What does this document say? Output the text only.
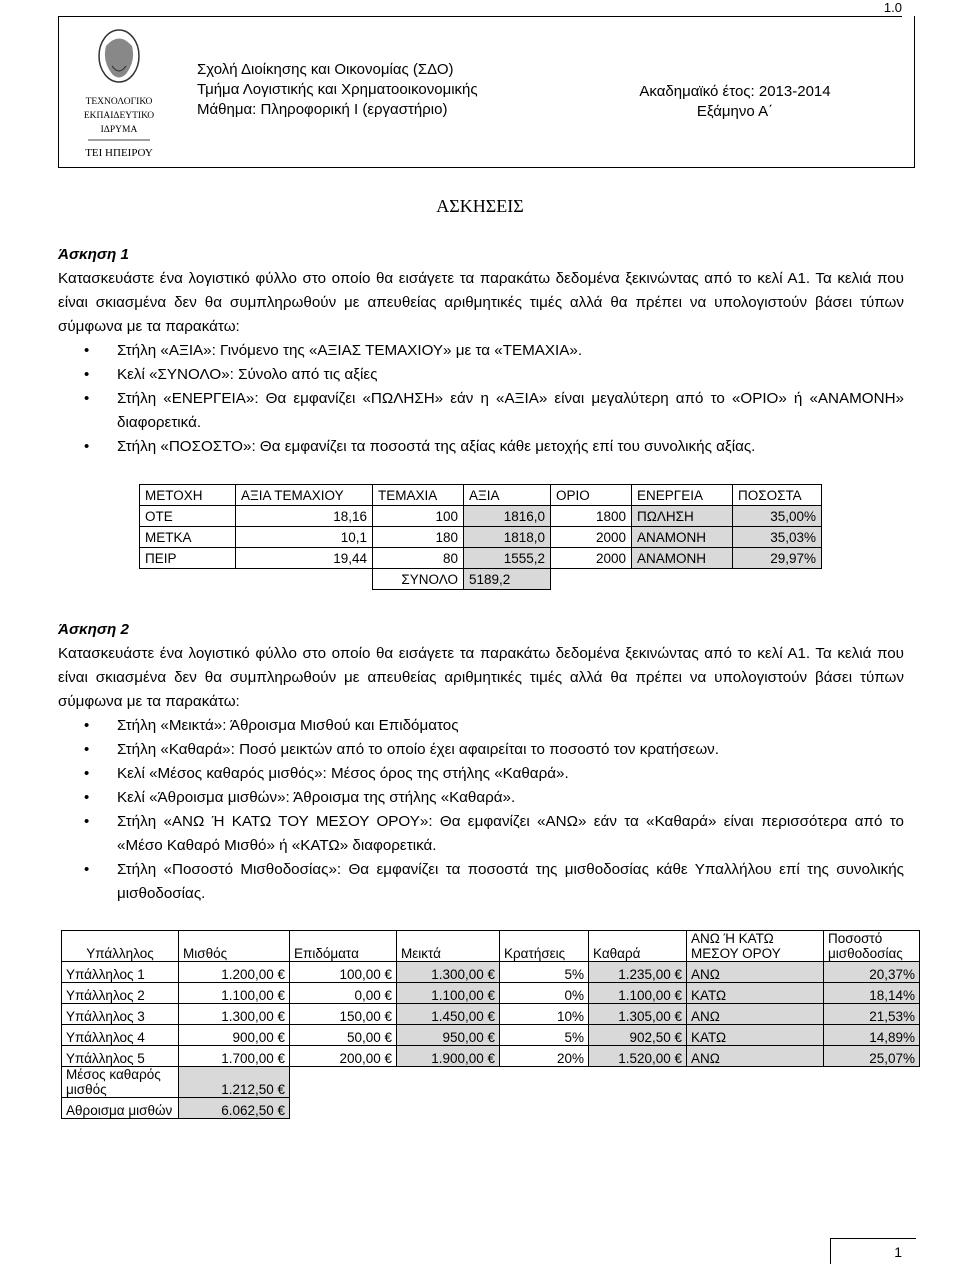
1.0
ΤΕΧΝΟΛΟΓΙΚΟ
ΕΚΠΑΙΔΕΥΤΙΚΟ
ΙΔΡΥΜΑ
ΤΕΙ ΗΠΕΙΡΟΥ
Σχολή Διοίκησης και Οικονομίας (ΣΔΟ)
Τμήμα Λογιστικής και Χρηματοοικονομικής
Μάθημα: Πληροφορική Ι (εργαστήριο)
Ακαδημαϊκό έτος: 2013-2014
Εξάμηνο Α΄
ΑΣΚΗΣΕΙΣ
Άσκηση 1
Κατασκευάστε ένα λογιστικό φύλλο στο οποίο θα εισάγετε τα παρακάτω δεδομένα ξεκινώντας από το κελί Α1. Τα κελιά που είναι σκιασμένα δεν θα συμπληρωθούν με απευθείας αριθμητικές τιμές αλλά θα πρέπει να υπολογιστούν βάσει τύπων σύμφωνα με τα παρακάτω:
• Στήλη «ΑΞΙΑ»: Γινόμενο της «ΑΞΙΑΣ ΤΕΜΑΧΙΟΥ» με τα «ΤΕΜΑΧΙΑ».
• Κελί «ΣΥΝΟΛΟ»: Σύνολο από τις αξίες
• Στήλη «ΕΝΕΡΓΕΙΑ»: Θα εμφανίζει «ΠΩΛΗΣΗ» εάν η «ΑΞΙΑ» είναι μεγαλύτερη από το «ΟΡΙΟ» ή «ΑΝΑΜΟΝΗ» διαφορετικά.
• Στήλη «ΠΟΣΟΣΤΟ»: Θα εμφανίζει τα ποσοστά της αξίας κάθε μετοχής επί του συνολικής αξίας.
ΜΕΤΟΧΗ	ΑΞΙΑ ΤΕΜΑΧΙΟΥ	ΤΕΜΑΧΙΑ	ΑΞΙΑ	ΟΡΙΟ	ΕΝΕΡΓΕΙΑ	ΠΟΣΟΣΤΑ
ΟΤΕ	18,16	100	1816,0	1800	ΠΩΛΗΣΗ	35,00%
ΜΕΤΚΑ	10,1	180	1818,0	2000	ΑΝΑΜΟΝΗ	35,03%
ΠΕΙΡ	19,44	80	1555,2	2000	ΑΝΑΜΟΝΗ	29,97%
		ΣΥΝΟΛΟ	5189,2			
Άσκηση 2
Κατασκευάστε ένα λογιστικό φύλλο στο οποίο θα εισάγετε τα παρακάτω δεδομένα ξεκινώντας από το κελί Α1. Τα κελιά που είναι σκιασμένα δεν θα συμπληρωθούν με απευθείας αριθμητικές τιμές αλλά θα πρέπει να υπολογιστούν βάσει τύπων σύμφωνα με τα παρακάτω:
• Στήλη «Μεικτά»: Άθροισμα Μισθού και Επιδόματος
• Στήλη «Καθαρά»: Ποσό μεικτών από το οποίο έχει αφαιρείται το ποσοστό τον κρατήσεων.
• Κελί «Μέσος καθαρός μισθός»: Μέσος όρος της στήλης «Καθαρά».
• Κελί «Άθροισμα μισθών»: Άθροισμα της στήλης «Καθαρά».
• Στήλη «ΑΝΩ Ή ΚΑΤΩ ΤΟΥ ΜΕΣΟΥ ΟΡΟΥ»: Θα εμφανίζει «ΑΝΩ» εάν τα «Καθαρά» είναι περισσότερα από το «Μέσο Καθαρό Μισθό» ή «ΚΑΤΩ» διαφορετικά.
• Στήλη «Ποσοστό Μισθοδοσίας»: Θα εμφανίζει τα ποσοστά της μισθοδοσίας κάθε Υπαλλήλου επί της συνολικής μισθοδοσίας.
Υπάλληλος	Μισθός	Επιδόματα	Μεικτά	Κρατήσεις	Καθαρά	ΑΝΩ Ή ΚΑΤΩ ΜΕΣΟΥ ΟΡΟΥ	Ποσοστό μισθοδοσίας
Υπάλληλος 1	1.200,00 €	100,00 €	1.300,00 €	5%	1.235,00 €	ΑΝΩ	20,37%
Υπάλληλος 2	1.100,00 €	0,00 €	1.100,00 €	0%	1.100,00 €	ΚΑΤΩ	18,14%
Υπάλληλος 3	1.300,00 €	150,00 €	1.450,00 €	10%	1.305,00 €	ΑΝΩ	21,53%
Υπάλληλος 4	900,00 €	50,00 €	950,00 €	5%	902,50 €	ΚΑΤΩ	14,89%
Υπάλληλος 5	1.700,00 €	200,00 €	1.900,00 €	20%	1.520,00 €	ΑΝΩ	25,07%
Μέσος καθαρός μισθός	1.212,50 €						
Αθροισμα μισθών	6.062,50 €						
1
